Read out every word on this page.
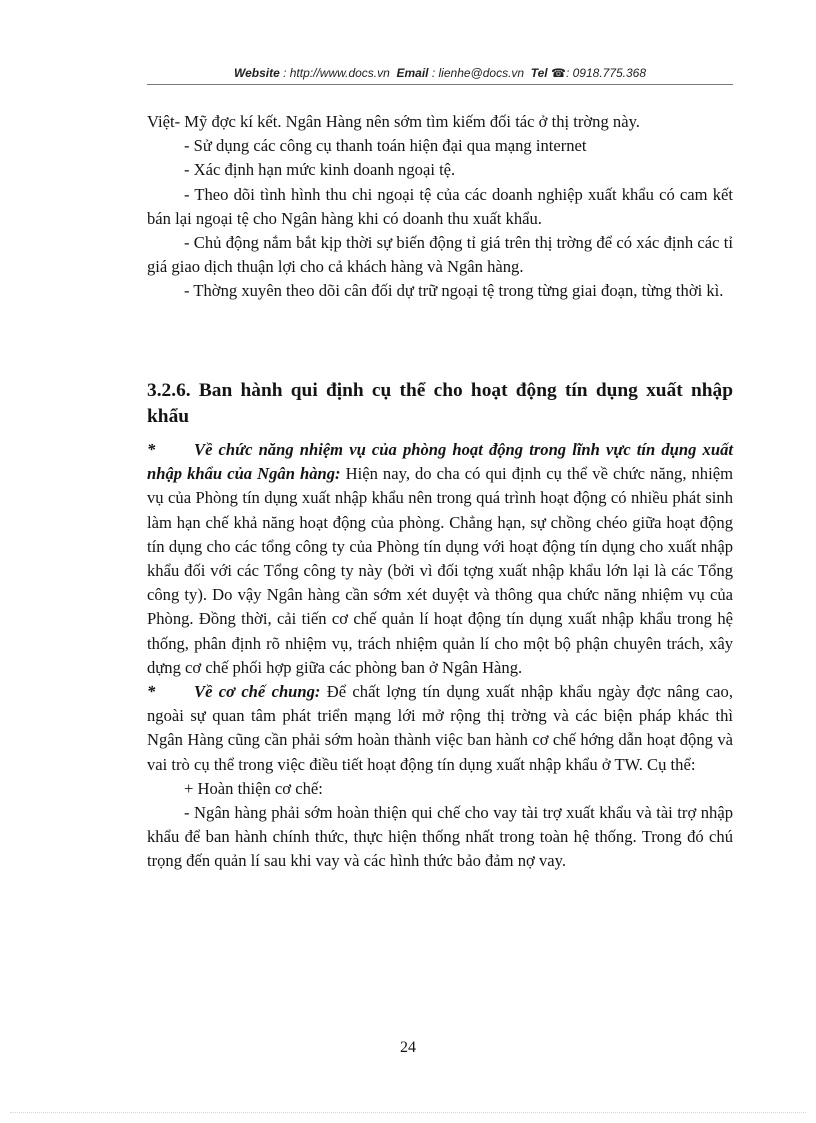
Website : http://www.docs.vn Email : lienhe@docs.vn Tel ☎: 0918.775.368

Việt- Mỹ đợc kí kết. Ngân Hàng nên sớm tìm kiếm đối tác ở thị trờng này.

- Sử dụng các công cụ thanh toán hiện đại qua mạng internet

- Xác định hạn mức kinh doanh ngoại tệ.

- Theo dõi tình hình thu chi ngoại tệ của các doanh nghiệp xuất khẩu có cam kết bán lại ngoại tệ cho Ngân hàng khi có doanh thu xuất khẩu.

- Chủ động nắm bắt kịp thời sự biến động tỉ giá trên thị trờng để có xác định các tỉ giá giao dịch thuận lợi cho cả khách hàng và Ngân hàng.

- Thờng xuyên theo dõi cân đối dự trữ ngoại tệ trong từng giai đoạn, từng thời kì.

3.2.6. Ban hành qui định cụ thể cho hoạt động tín dụng xuất nhập khẩu

* Về chức năng nhiệm vụ của phòng hoạt động trong lĩnh vực tín dụng xuất nhập khẩu của Ngân hàng: Hiện nay, do cha có qui định cụ thể về chức năng, nhiệm vụ của Phòng tín dụng xuất nhập khẩu nên trong quá trình hoạt động có nhiều phát sinh làm hạn chế khả năng hoạt động của phòng. Chẳng hạn, sự chồng chéo giữa hoạt động tín dụng cho các tổng công ty của Phòng tín dụng với hoạt động tín dụng cho xuất nhập khẩu đối với các Tổng công ty này (bởi vì đối tợng xuất nhập khẩu lớn lại là các Tổng công ty). Do vậy Ngân hàng cần sớm xét duyệt và thông qua chức năng nhiệm vụ của Phòng. Đồng thời, cải tiến cơ chế quản lí hoạt động tín dụng xuất nhập khẩu trong hệ thống, phân định rõ nhiệm vụ, trách nhiệm quản lí cho một bộ phận chuyên trách, xây dựng cơ chế phối hợp giữa các phòng ban ở Ngân Hàng.

* Về cơ chế chung: Để chất lợng tín dụng xuất nhập khẩu ngày đợc nâng cao, ngoài sự quan tâm phát triển mạng lới mở rộng thị trờng và các biện pháp khác thì Ngân Hàng cũng cần phải sớm hoàn thành việc ban hành cơ chế hớng dẫn hoạt động và vai trò cụ thể trong việc điều tiết hoạt động tín dụng xuất nhập khẩu ở TW. Cụ thể:

+ Hoàn thiện cơ chế:

- Ngân hàng phải sớm hoàn thiện qui chế cho vay tài trợ xuất khẩu và tài trợ nhập khẩu để ban hành chính thức, thực hiện thống nhất trong toàn hệ thống. Trong đó chú trọng đến quản lí sau khi vay và các hình thức bảo đảm nợ vay.

24
